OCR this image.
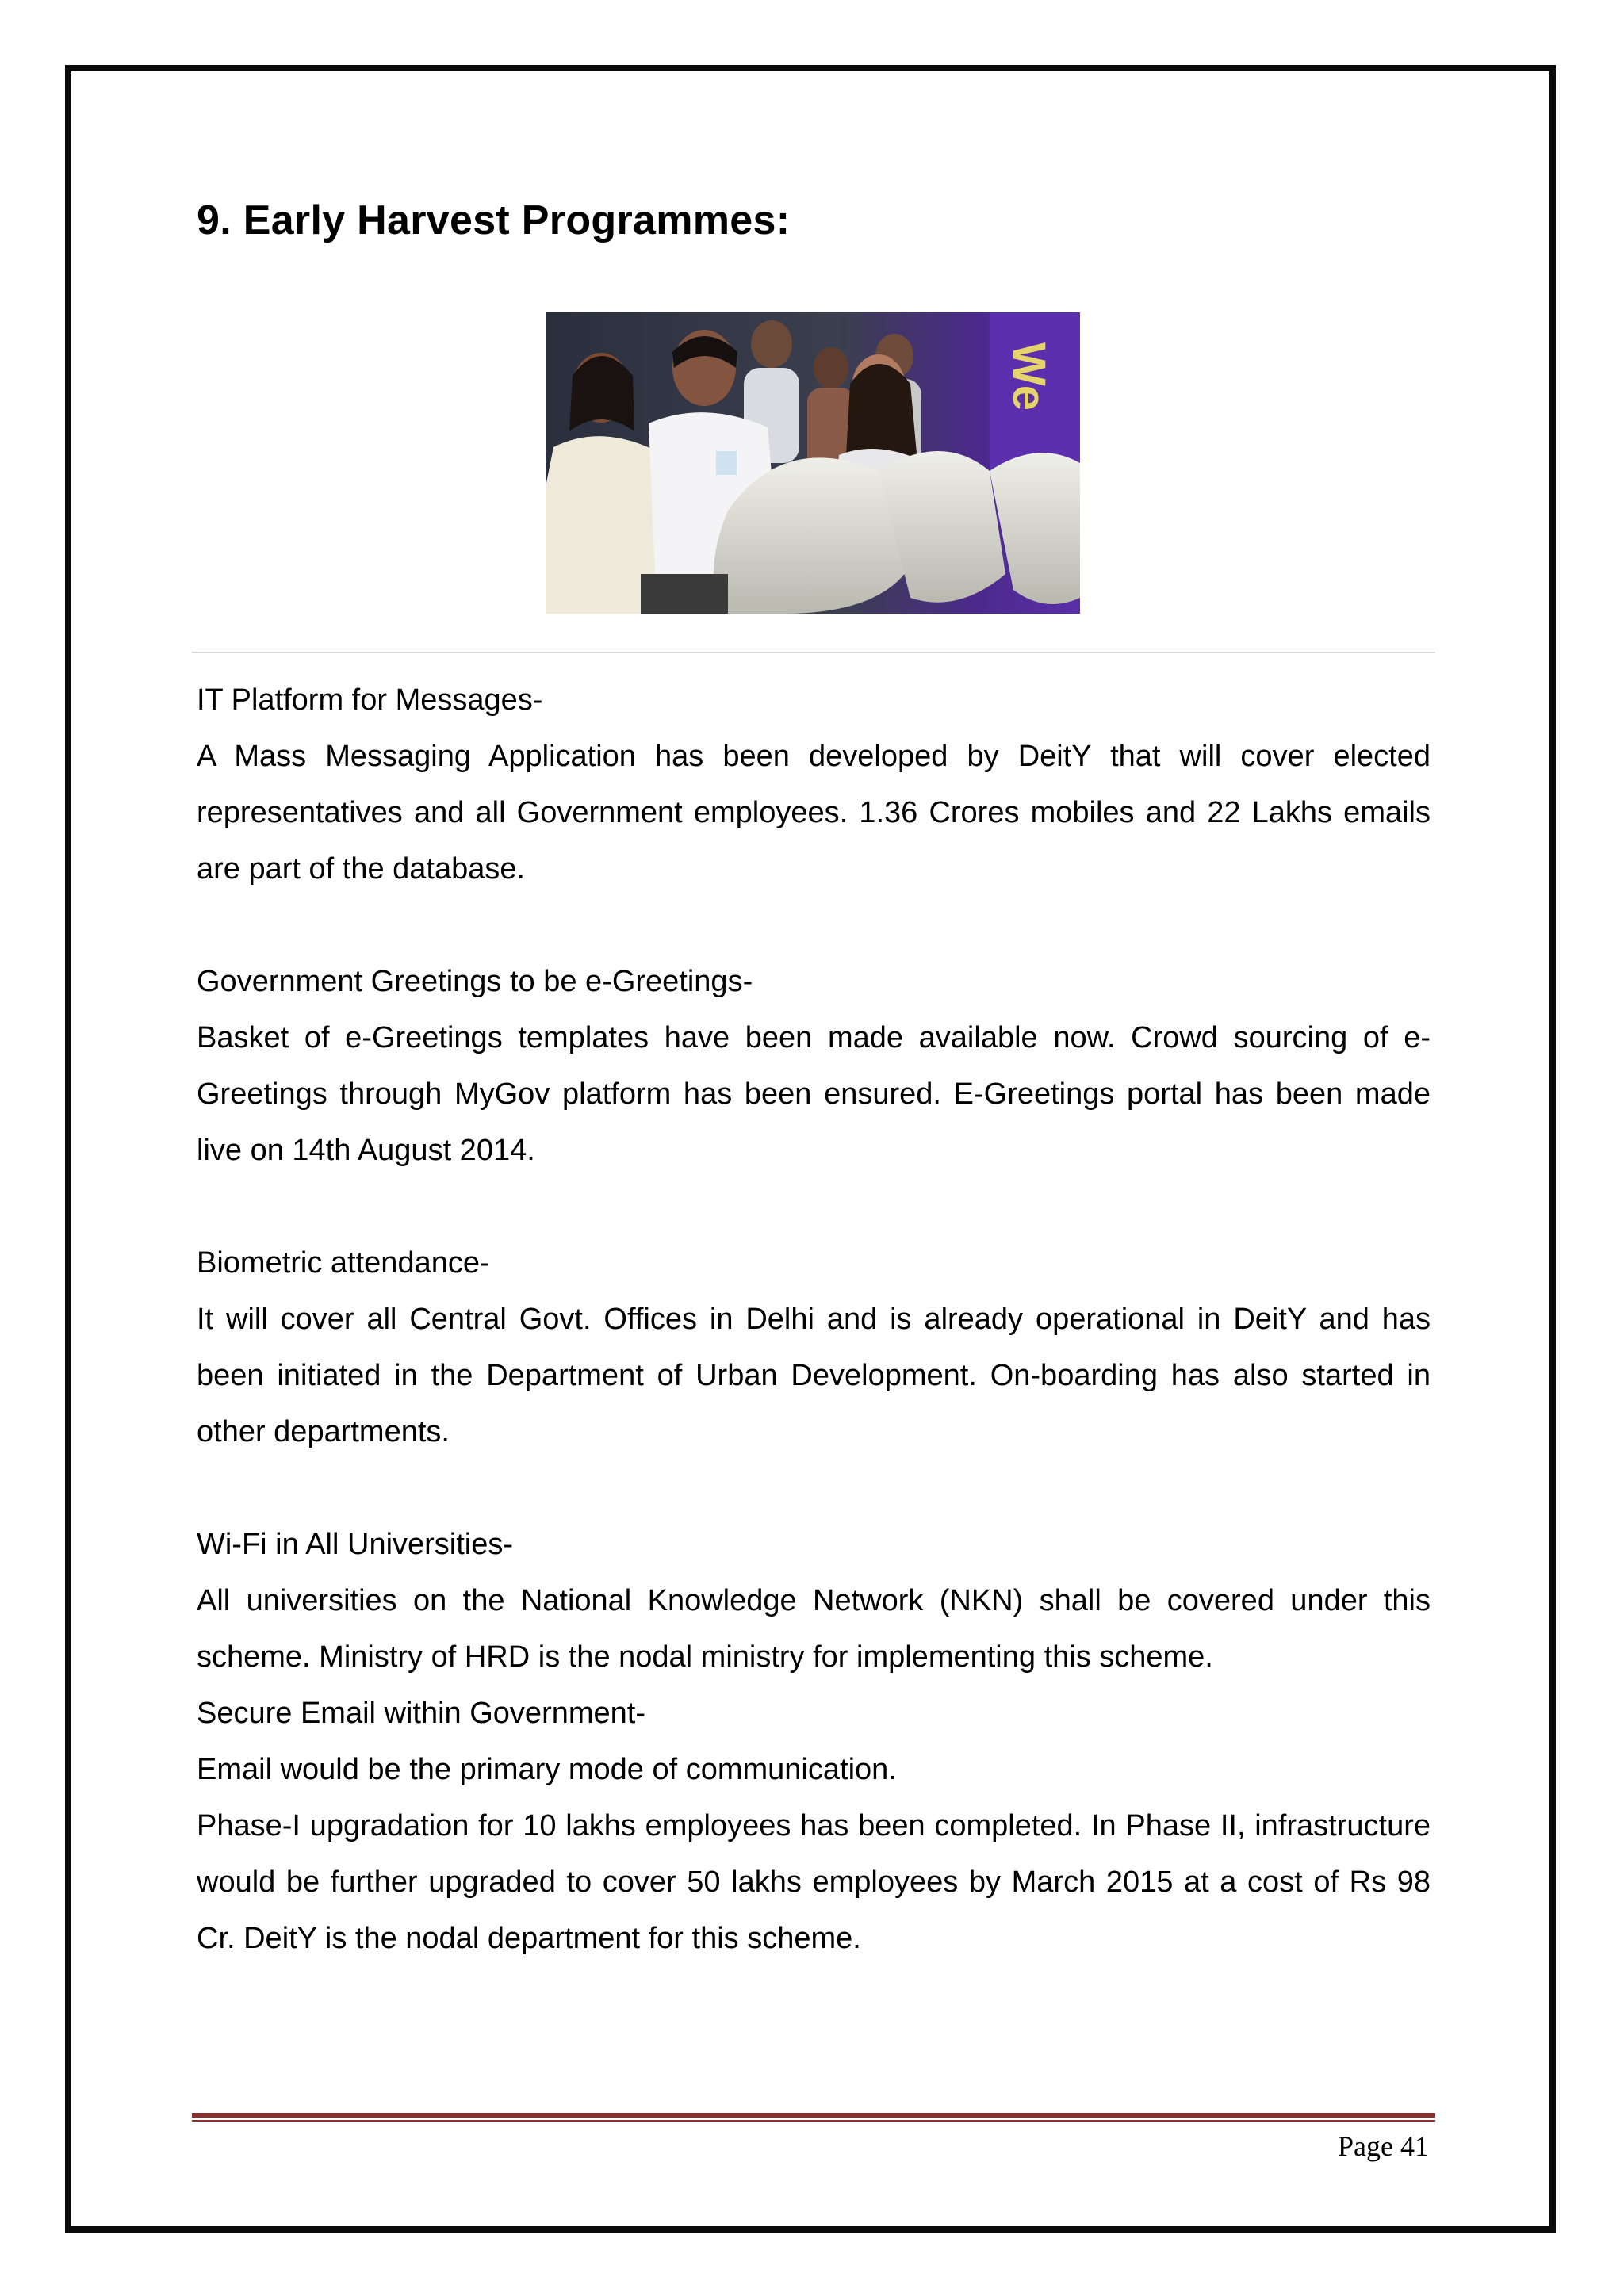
9. Early Harvest Programmes:
We

IT Platform for Messages-

A Mass Messaging Application has been developed by DeitY that will cover elected representatives and all Government employees. 1.36 Crores mobiles and 22 Lakhs emails are part of the database.

Government Greetings to be e-Greetings-

Basket of e-Greetings templates have been made available now. Crowd sourcing of e-Greetings through MyGov platform has been ensured. E-Greetings portal has been made live on 14th August 2014.

Biometric attendance-

It will cover all Central Govt. Offices in Delhi and is already operational in DeitY and has been initiated in the Department of Urban Development. On-boarding has also started in other departments.

Wi-Fi in All Universities-

All universities on the National Knowledge Network (NKN) shall be covered under this scheme. Ministry of HRD is the nodal ministry for implementing this scheme.

Secure Email within Government-

Email would be the primary mode of communication.

Phase-I upgradation for 10 lakhs employees has been completed. In Phase II, infrastructure would be further upgraded to cover 50 lakhs employees by March 2015 at a cost of Rs 98 Cr. DeitY is the nodal department for this scheme.

Page 41
